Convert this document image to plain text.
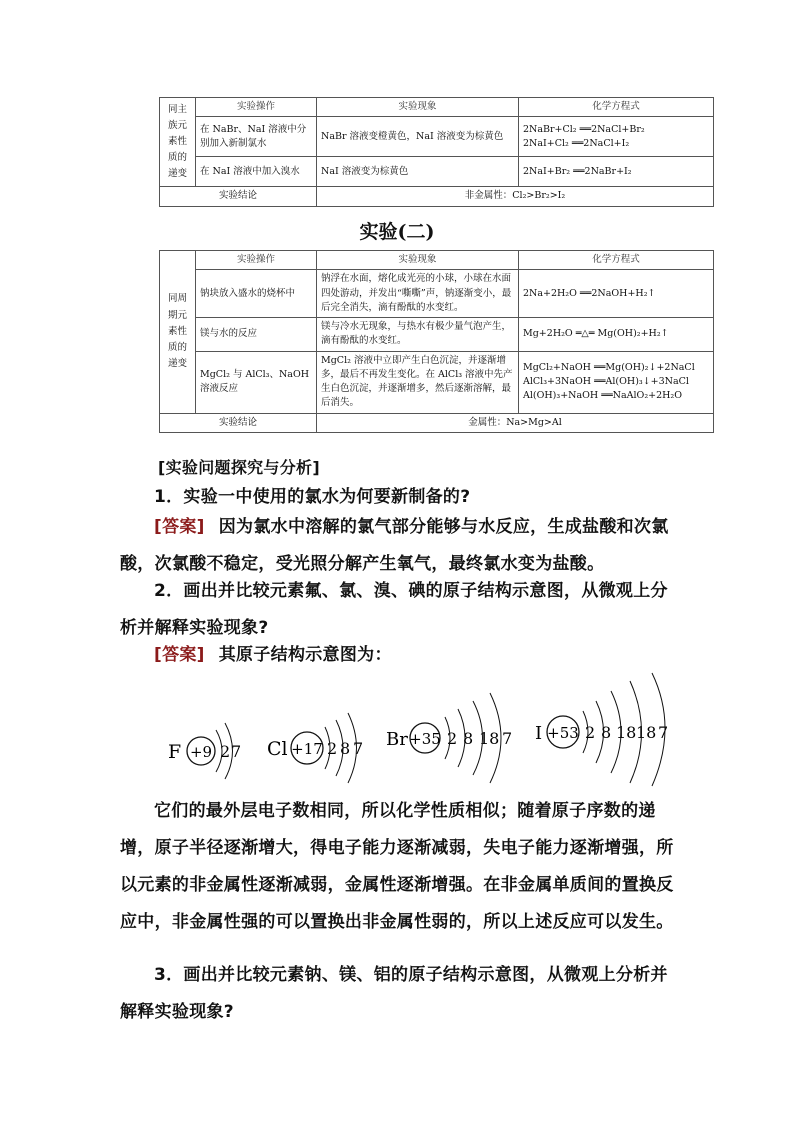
同主
族元
素性
质的
递变	实验操作	实验现象	化学方程式
	在 NaBr、NaI 溶液中分别加入新制氯水	NaBr 溶液变橙黄色，NaI 溶液变为棕黄色	2NaBr+Cl₂ ══2NaCl+Br₂
2NaI+Cl₂ ══2NaCl+I₂

	在 NaI 溶液中加入溴水	NaI 溶液变为棕黄色	2NaI+Br₂ ══2NaBr+I₂

实验结论		非金属性：Cl₂>Br₂>I₂	
实验(二)
同周
期元
素性
质的
递变	实验操作	实验现象	化学方程式
	钠块放入盛水的烧杯中	钠浮在水面，熔化成光亮的小球，小球在水面四处游动，并发出“嘶嘶”声，钠逐渐变小，最后完全消失，滴有酚酞的水变红。	2Na+2H₂O ══2NaOH+H₂↑

	镁与水的反应	镁与冷水无现象，与热水有极少量气泡产生，滴有酚酞的水变红。	Mg+2H₂O ═△═ Mg(OH)₂+H₂↑

	MgCl₂ 与 AlCl₃、NaOH 溶液反应	MgCl₂ 溶液中立即产生白色沉淀，并逐渐增多，最后不再发生变化。在 AlCl₃ 溶液中先产生白色沉淀，并逐渐增多，然后逐渐溶解，最后消失。	MgCl₂+NaOH ══Mg(OH)₂↓+2NaCl
AlCl₃+3NaOH ══Al(OH)₃↓+3NaCl
Al(OH)₃+NaOH ══NaAlO₂+2H₂O

实验结论		金属性：Na>Mg>Al	

[实验问题探究与分析]

1．实验一中使用的氯水为何要新制备的?

[答案] 因为氯水中溶解的氯气部分能够与水反应，生成盐酸和次氯酸，次氯酸不稳定，受光照分解产生氧气，最终氯水变为盐酸。

2．画出并比较元素氟、氯、溴、碘的原子结构示意图，从微观上分析并解释实验现象?

[答案] 其原子结构示意图为：

F +9 2 7 Cl +17 2 8 7 Br +35 2 8 18 7 I +53 2 8 18 18 7

它们的最外层电子数相同，所以化学性质相似；随着原子序数的递增，原子半径逐渐增大，得电子能力逐渐减弱，失电子能力逐渐增强，所以元素的非金属性逐渐减弱，金属性逐渐增强。在非金属单质间的置换反应中，非金属性强的可以置换出非金属性弱的，所以上述反应可以发生。

3．画出并比较元素钠、镁、铝的原子结构示意图，从微观上分析并解释实验现象?
